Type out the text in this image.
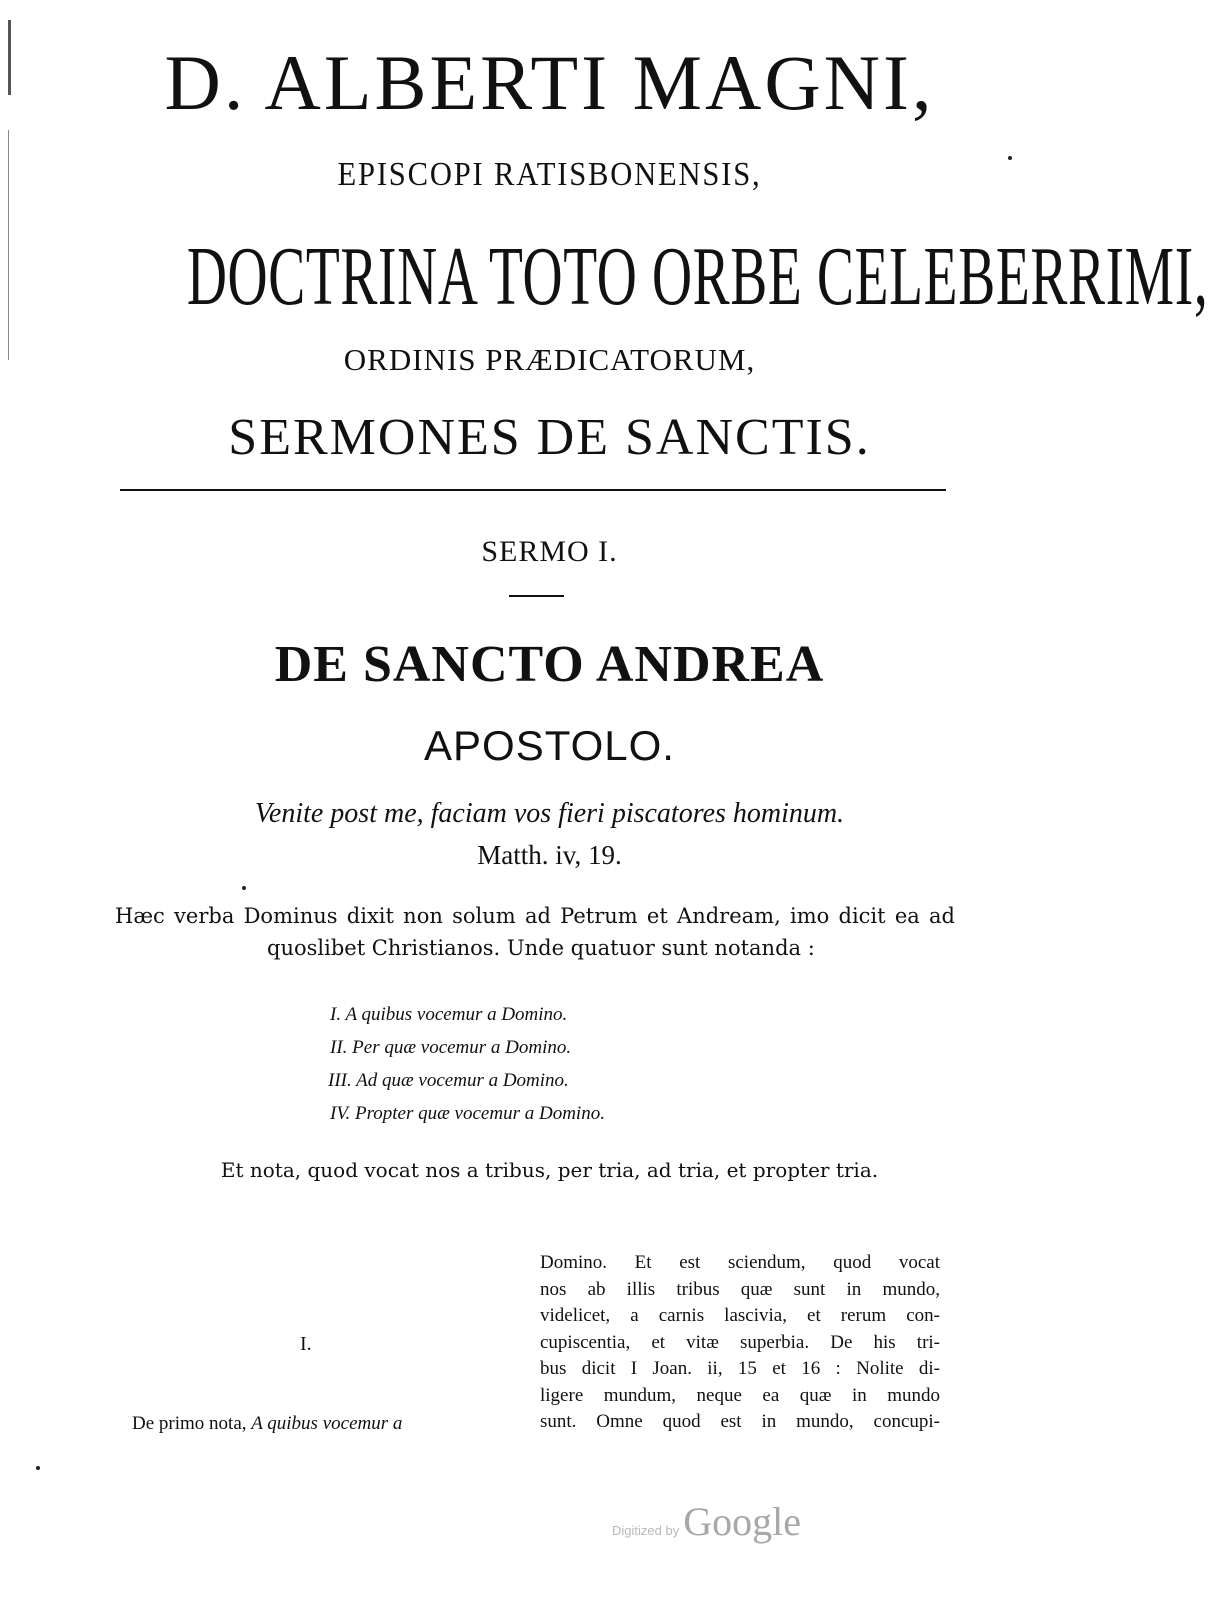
D. ALBERTI MAGNI,
EPISCOPI RATISBONENSIS,
DOCTRINA TOTO ORBE CELEBERRIMI,
ORDINIS PRÆDICATORUM,
SERMONES DE SANCTIS.
SERMO I.
DE SANCTO ANDREA
APOSTOLO.
Venite post me, faciam vos fieri piscatores hominum.
Matth. iv, 19.
Hæc verba Dominus dixit non solum ad Petrum et Andream, imo dicit ea ad
quoslibet Christianos. Unde quatuor sunt notanda :
I. A quibus vocemur a Domino.
II. Per quæ vocemur a Domino.
III. Ad quæ vocemur a Domino.
IV. Propter quæ vocemur a Domino.
Et nota, quod vocat nos a tribus, per tria, ad tria, et propter tria.
I.
De primo nota, A quibus vocemur a
Domino. Et est sciendum, quod vocat
nos ab illis tribus quæ sunt in mundo,
videlicet, a carnis lascivia, et rerum con-
cupiscentia, et vitæ superbia. De his tri-
bus dicit I Joan. ii, 15 et 16 : Nolite di-
ligere mundum, neque ea quæ in mundo
sunt. Omne quod est in mundo, concupi-
Digitized by Google
